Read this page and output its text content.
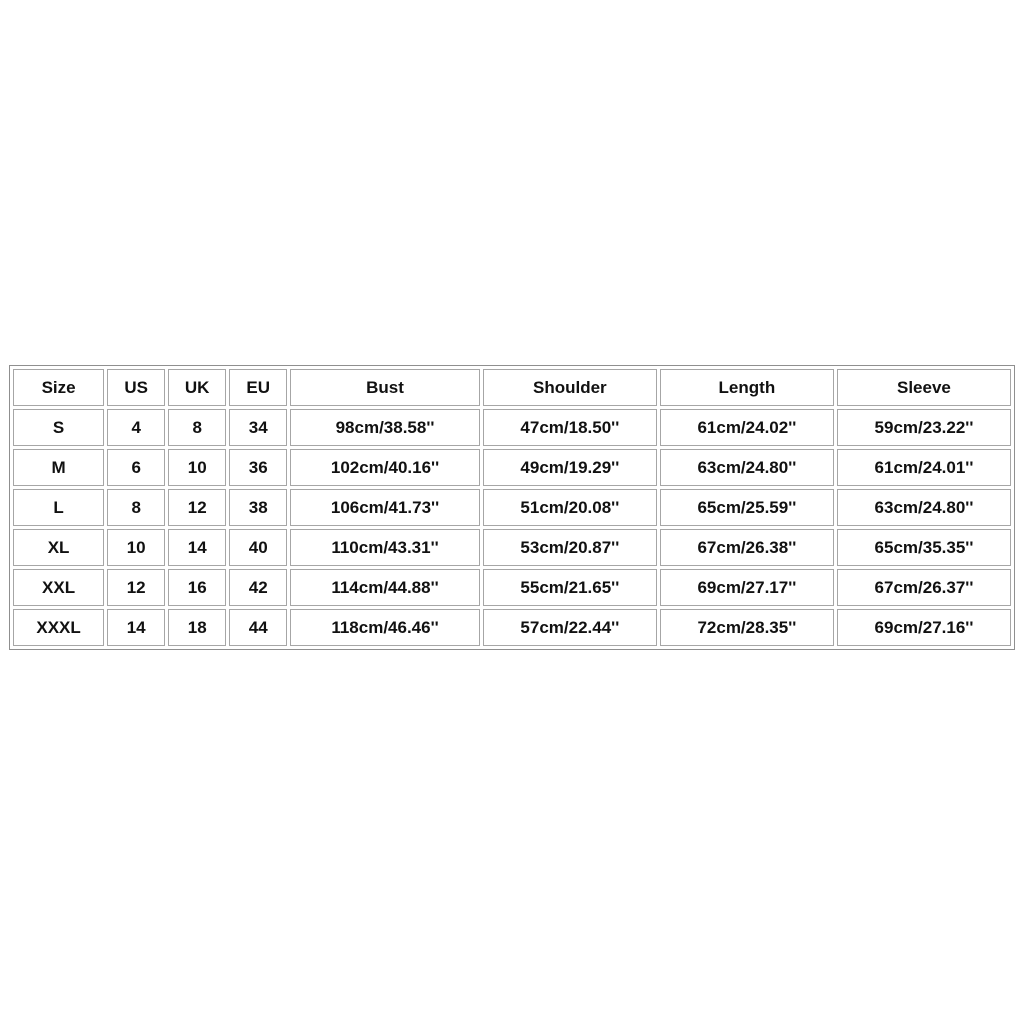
Size	US	UK	EU	Bust	Shoulder	Length	Sleeve
S	4	8	34	98cm/38.58''	47cm/18.50''	61cm/24.02''	59cm/23.22''
M	6	10	36	102cm/40.16''	49cm/19.29''	63cm/24.80''	61cm/24.01''
L	8	12	38	106cm/41.73''	51cm/20.08''	65cm/25.59''	63cm/24.80''
XL	10	14	40	110cm/43.31''	53cm/20.87''	67cm/26.38''	65cm/35.35''
XXL	12	16	42	114cm/44.88''	55cm/21.65''	69cm/27.17''	67cm/26.37''
XXXL	14	18	44	118cm/46.46''	57cm/22.44''	72cm/28.35''	69cm/27.16''
